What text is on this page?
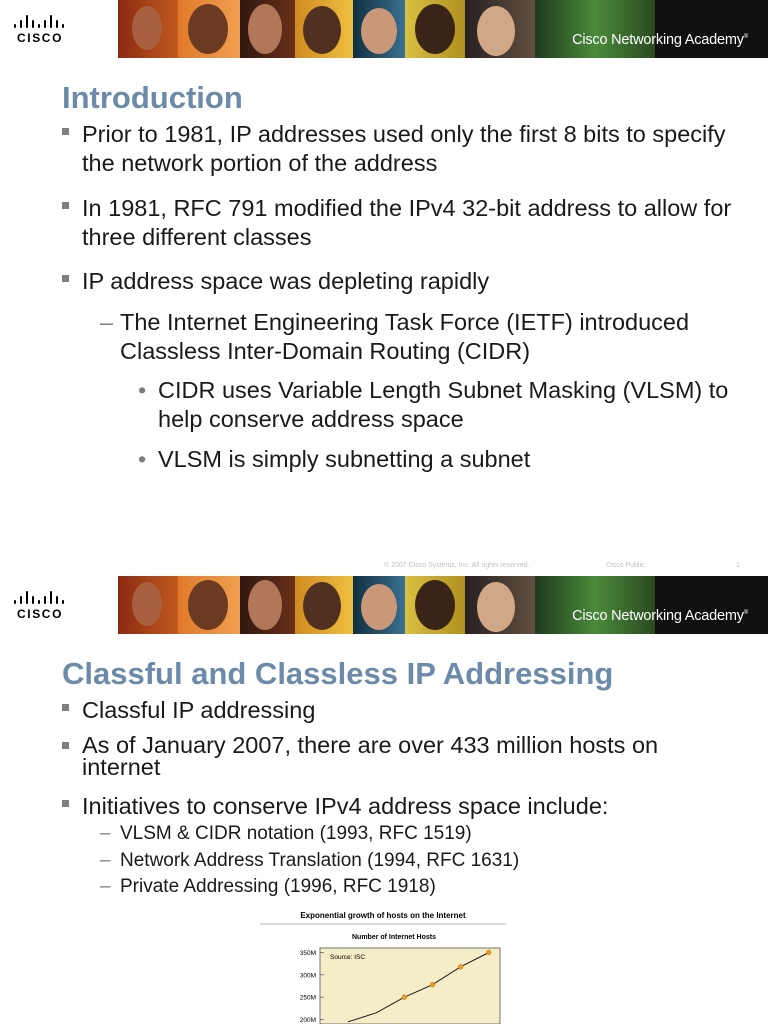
CISCO	Cisco Networking Academy®
Introduction
Prior to 1981, IP addresses used only the first 8 bits to specify the network portion of the address
In 1981, RFC 791 modified the IPv4 32-bit address to allow for three different classes
IP address space was depleting rapidly
– The Internet Engineering Task Force (IETF) introduced Classless Inter-Domain Routing (CIDR)
• CIDR uses Variable Length Subnet Masking (VLSM) to help conserve address space
• VLSM is simply subnetting a subnet
© 2007 Cisco Systems, Inc. All rights reserved.	Cisco Public	1
CISCO	Cisco Networking Academy®
Classful and Classless IP Addressing
Classful IP addressing
As of January 2007, there are over 433 million hosts on internet
Initiatives to conserve IPv4 address space include:
– VLSM & CIDR notation (1993, RFC 1519)
– Network Address Translation (1994, RFC 1631)
– Private Addressing (1996, RFC 1918)
Exponential growth of hosts on the Internet
Number of Internet Hosts
Source: ISC
350M
300M
250M
200M
